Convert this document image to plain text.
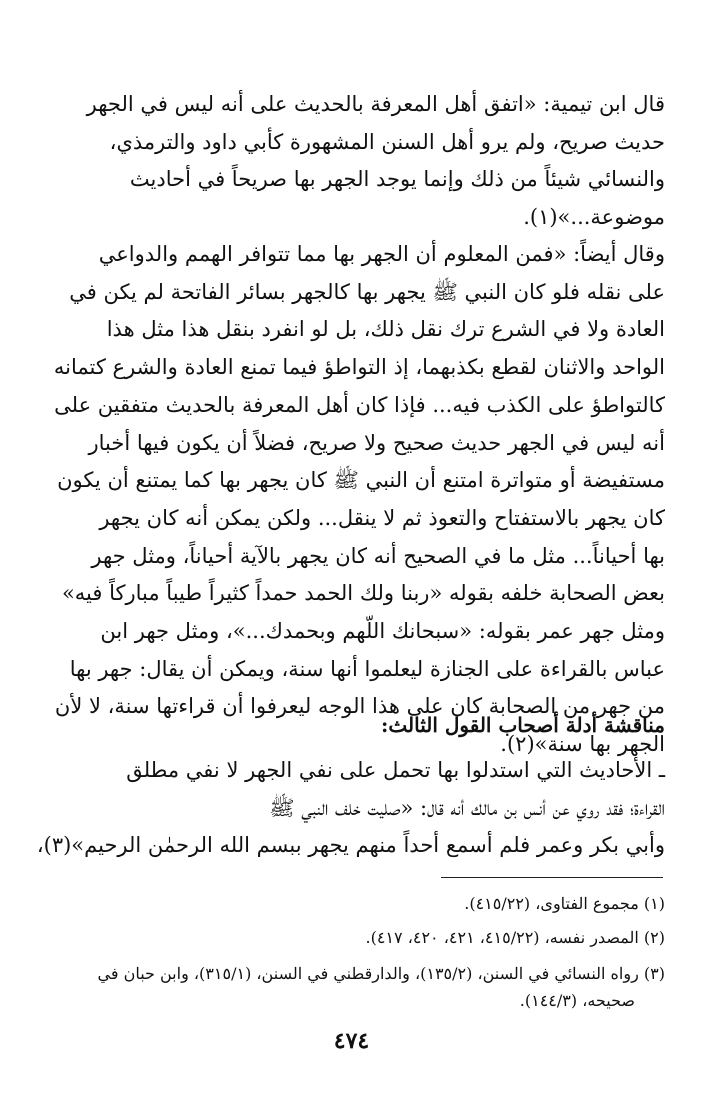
قال ابن تيمية: «اتفق أهل المعرفة بالحديث على أنه ليس في الجهر
حديث صريح، ولم يرو أهل السنن المشهورة كأبي داود والترمذي،
والنسائي شيئاً من ذلك وإنما يوجد الجهر بها صريحاً في أحاديث
موضوعة...»(١).

وقال أيضاً: «فمن المعلوم أن الجهر بها مما تتوافر الهمم والدواعي
على نقله فلو كان النبي ﷺ يجهر بها كالجهر بسائر الفاتحة لم يكن في
العادة ولا في الشرع ترك نقل ذلك، بل لو انفرد بنقل هذا مثل هذا
الواحد والاثنان لقطع بكذبهما، إذ التواطؤ فيما تمنع العادة والشرع كتمانه
كالتواطؤ على الكذب فيه... فإذا كان أهل المعرفة بالحديث متفقين على
أنه ليس في الجهر حديث صحيح ولا صريح، فضلاً أن يكون فيها أخبار
مستفيضة أو متواترة امتنع أن النبي ﷺ كان يجهر بها كما يمتنع أن يكون
كان يجهر بالاستفتاح والتعوذ ثم لا ينقل... ولكن يمكن أنه كان يجهر
بها أحياناً... مثل ما في الصحيح أنه كان يجهر بالآية أحياناً، ومثل جهر
بعض الصحابة خلفه بقوله «ربنا ولك الحمد حمداً كثيراً طيباً مباركاً فيه»
ومثل جهر عمر بقوله: «سبحانك اللّهم وبحمدك...»، ومثل جهر ابن
عباس بالقراءة على الجنازة ليعلموا أنها سنة، ويمكن أن يقال: جهر بها
من جهر من الصحابة كان على هذا الوجه ليعرفوا أن قراءتها سنة، لا لأن
الجهر بها سنة»(٢).

مناقشة أدلة أصحاب القول الثالث:

ـ الأحاديث التي استدلوا بها تحمل على نفي الجهر لا نفي مطلق
القراءة؛ فقد روي عن أنس بن مالك أنه قال: «صليت خلف النبي ﷺ
وأبي بكر وعمر فلم أسمع أحداً منهم يجهر ببسم الله الرحمٰن الرحيم»(٣)،

(١) مجموع الفتاوى، (٤١٥/٢٢).
(٢) المصدر نفسه، (٤١٥/٢٢، ٤٢١، ٤٢٠، ٤١٧).
(٣) رواه النسائي في السنن، (١٣٥/٢)، والدارقطني في السنن، (٣١٥/١)، وابن حبان في
صحيحه، (١٤٤/٣).
٤٧٤
